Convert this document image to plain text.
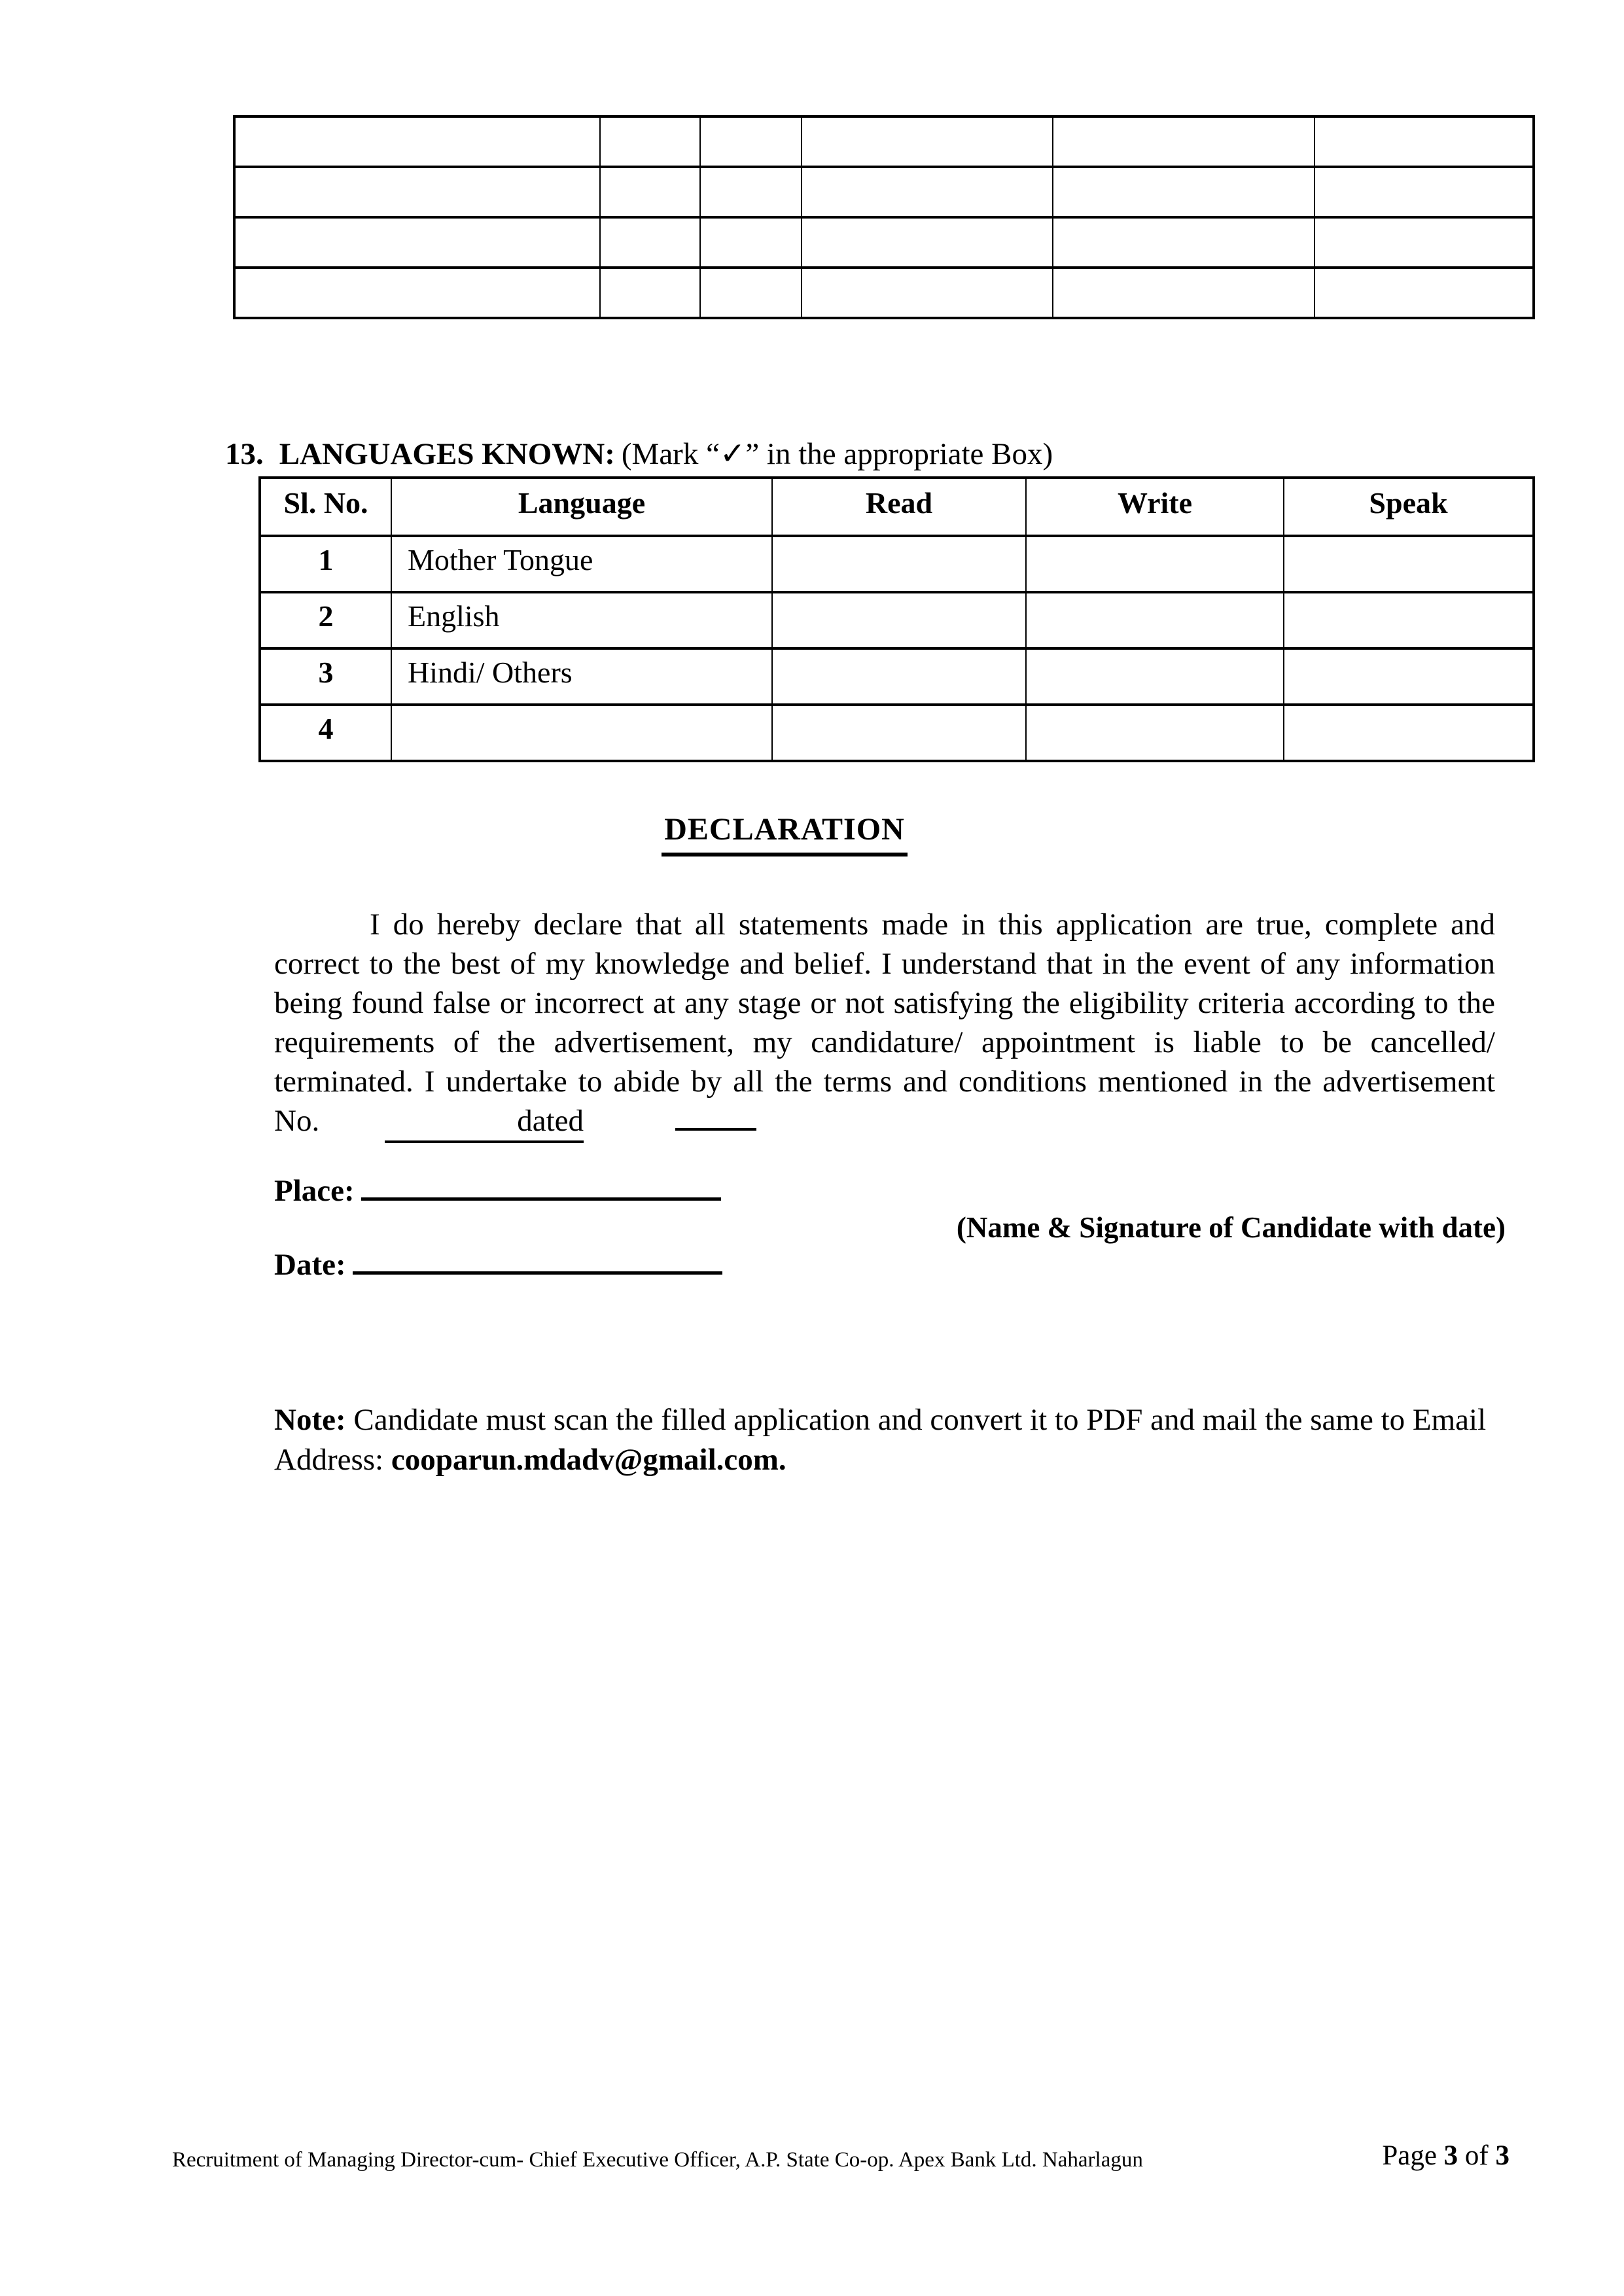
13. LANGUAGES KNOWN: (Mark “✓” in the appropriate Box)
Sl. No.	Language	Read	Write	Speak
1	Mother Tongue			
2	English			
3	Hindi/ Others			
4				
DECLARATION

I do hereby declare that all statements made in this application are true, complete and correct to the best of my knowledge and belief. I understand that in the event of any information being found false or incorrect at any stage or not satisfying the eligibility criteria according to the requirements of the advertisement, my candidature/ appointment is liable to be cancelled/ terminated. I undertake to abide by all the terms and conditions mentioned in the advertisement No.	dated

Place:
(Name & Signature of Candidate with date)
Date:

Note: Candidate must scan the filled application and convert it to PDF and mail the same to Email Address: cooparun.mdadv@gmail.com.

Recruitment of Managing Director-cum- Chief Executive Officer, A.P. State Co-op. Apex Bank Ltd. Naharlagun	Page 3 of 3
